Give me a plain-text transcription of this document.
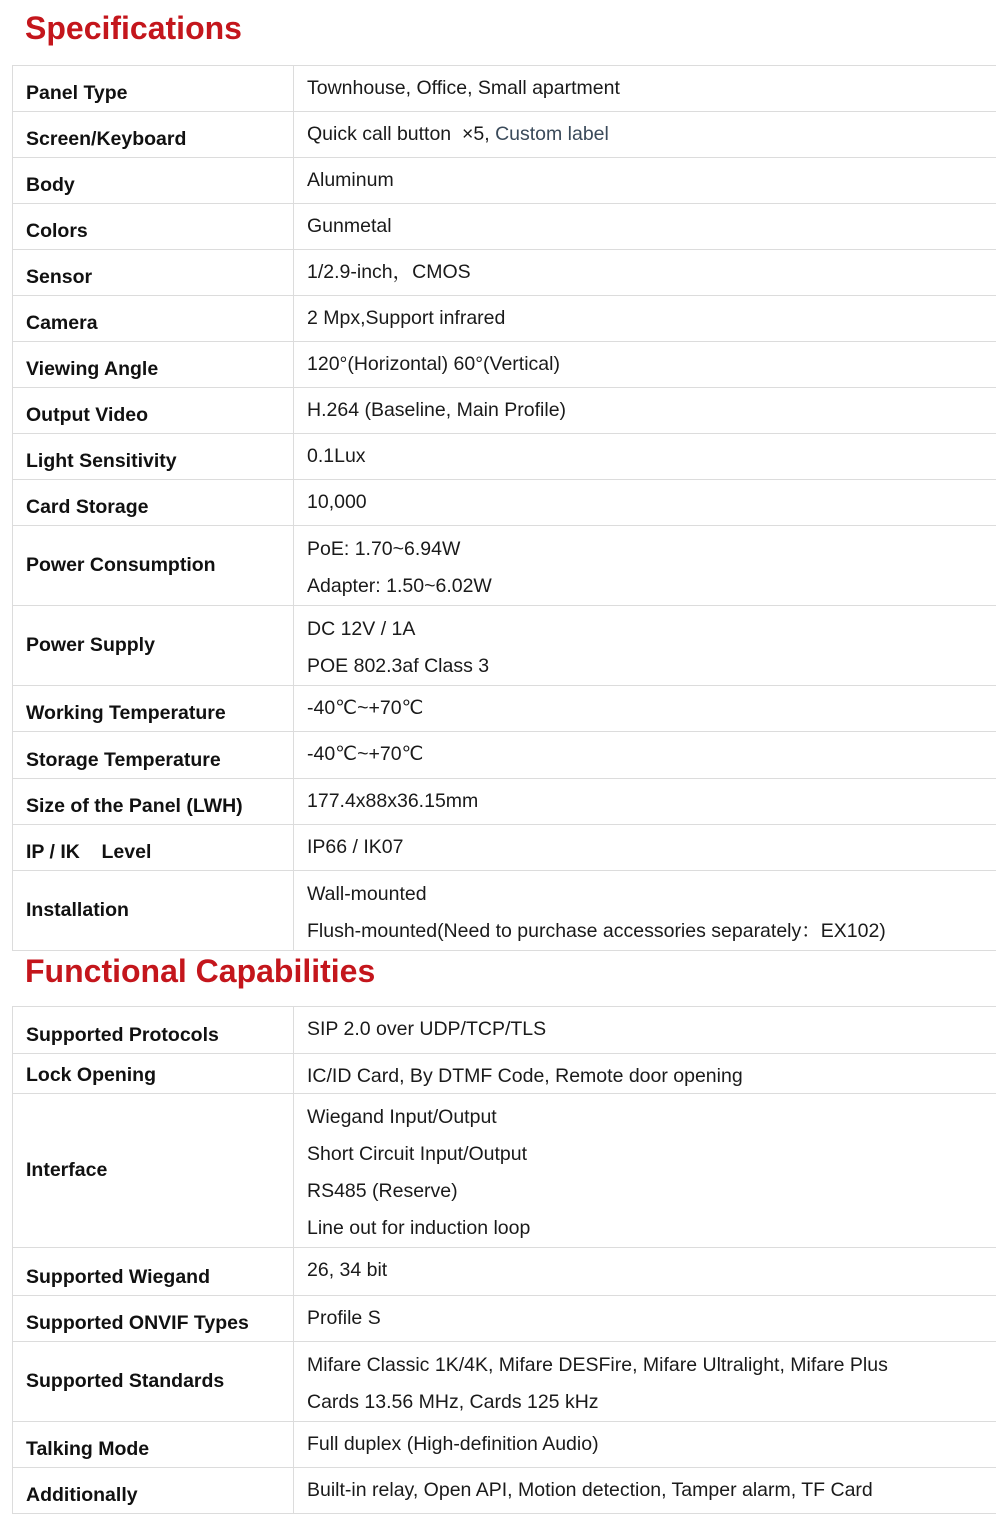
Specifications
Panel Type	Townhouse, Office, Small apartment

Screen/Keyboard	Quick call button  ×5, Custom label

Body	Aluminum

Colors	Gunmetal

Sensor	1/2.9-inch，CMOS

Camera	2 Mpx,Support infrared

Viewing Angle	120°(Horizontal) 60°(Vertical)

Output Video	H.264 (Baseline, Main Profile)

Light Sensitivity	0.1Lux

Card Storage	10,000

Power Consumption	PoE: 1.70~6.94W
Adapter: 1.50~6.02W

Power Supply	DC 12V / 1A
POE 802.3af Class 3

Working Temperature	-40℃~+70℃

Storage Temperature	-40℃~+70℃

Size of the Panel (LWH)	177.4x88x36.15mm

IP / IK    Level	IP66 / IK07

Installation	Wall-mounted
Flush-mounted(Need to purchase accessories separately：EX102)
Functional Capabilities
Supported Protocols	SIP 2.0 over UDP/TCP/TLS

Lock Opening	IC/ID Card, By DTMF Code, Remote door opening

Interface	Wiegand Input/Output
Short Circuit Input/Output
RS485 (Reserve)
Line out for induction loop

Supported Wiegand	26, 34 bit

Supported ONVIF Types	Profile S

Supported Standards	Mifare Classic 1K/4K, Mifare DESFire, Mifare Ultralight, Mifare Plus
Cards 13.56 MHz, Cards 125 kHz

Talking Mode	Full duplex (High-definition Audio)

Additionally	Built-in relay, Open API, Motion detection, Tamper alarm, TF Card
